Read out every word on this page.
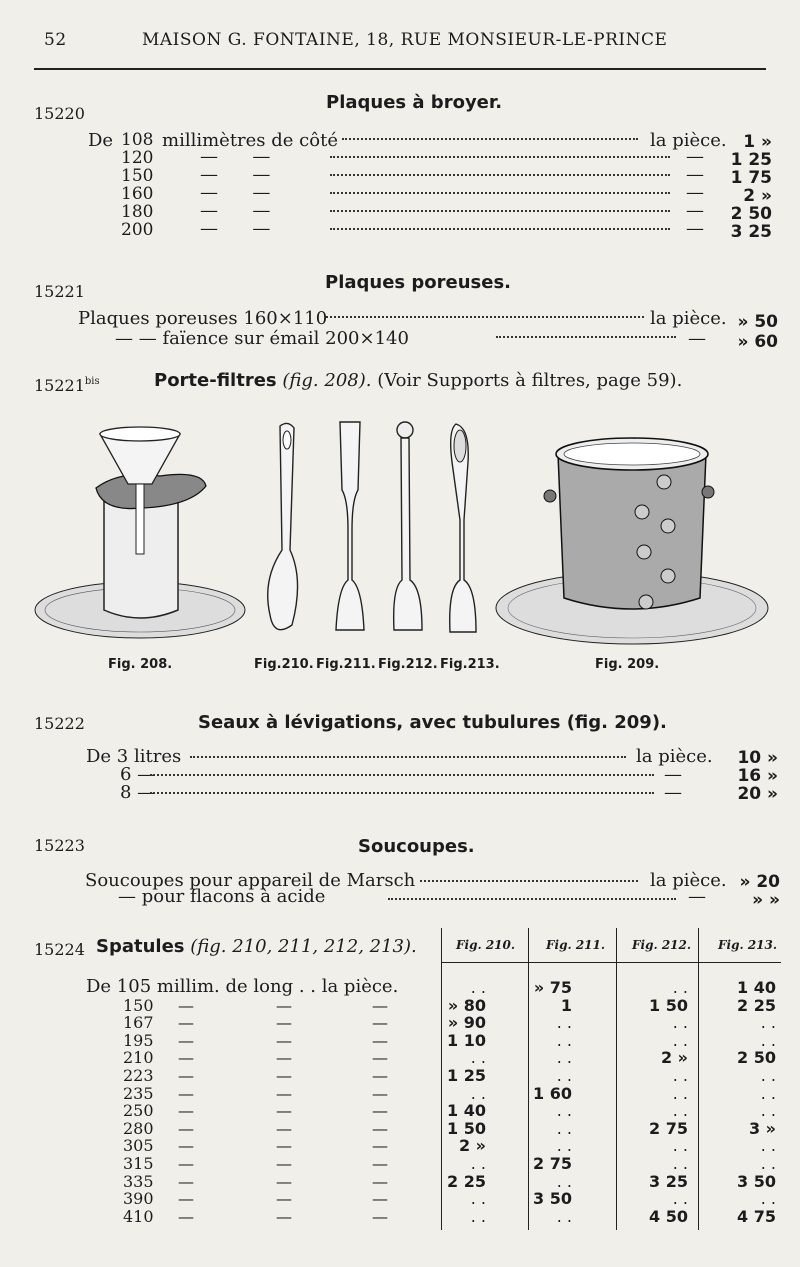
52	MAISON G. FONTAINE, 18, RUE MONSIEUR-LE-PRINCE
15220
Plaques à broyer.
De 108 millimètres de côté	la pièce. 1 »
120	—      —	—	1 25
150	—      —	—	1 75
160	—      —	—	2 »
180	—      —	—	2 50
200	—      —	—	3 25
15221	Plaques poreuses.
Plaques poreuses 160×110	la pièce. » 50
— — faïence sur émail 200×140	—	» 60
$15221^{bis}$	Porte-filtres (fig. 208). (Voir Supports à filtres, page 59).
Fig. 208.	Fig.210. Fig.211. Fig.212. Fig.213.	Fig. 209.
15222	Seaux à lévigations, avec tubulures (fig. 209).
De 3 litres	la pièce.	10 »
6 —	—	16 »
8 —	—	20 »
15223	Soucoupes.
Soucoupes pour appareil de Marsch	la pièce. » 20
— pour flacons à acide	—	» »
15224 Spatules (fig. 210, 211, 212, 213).	Fig. 210.	Fig. 211. Fig. 212. Fig. 213.
De 105 millim. de long . . la pièce.	. .	» 75	. .	1 40
150 —	—	—	» 80	1	1 50	2 25
167 —	—	—	» 90	. .	. .	. .
195 —	—	—	1 10	. .	. .	. .
210 —	—	—	. .	. .	2 »	2 50
223 —	—	—	1 25	. .	. .	. .
235 —	—	—	. .	1 60	. .	. .
250 —	—	—	1 40	. .	. .	. .
280 —	—	—	1 50	. .	2 75	3 »
305 —	—	—	2 »	. .	. .	. .
315 —	—	—	. .	2 75	. .	. .
335 —	—	—	2 25	. .	3 25	3 50
390 —	—	—	. .	3 50	. .	. .
410 —	—	—	. .	. .	4 50	4 75
